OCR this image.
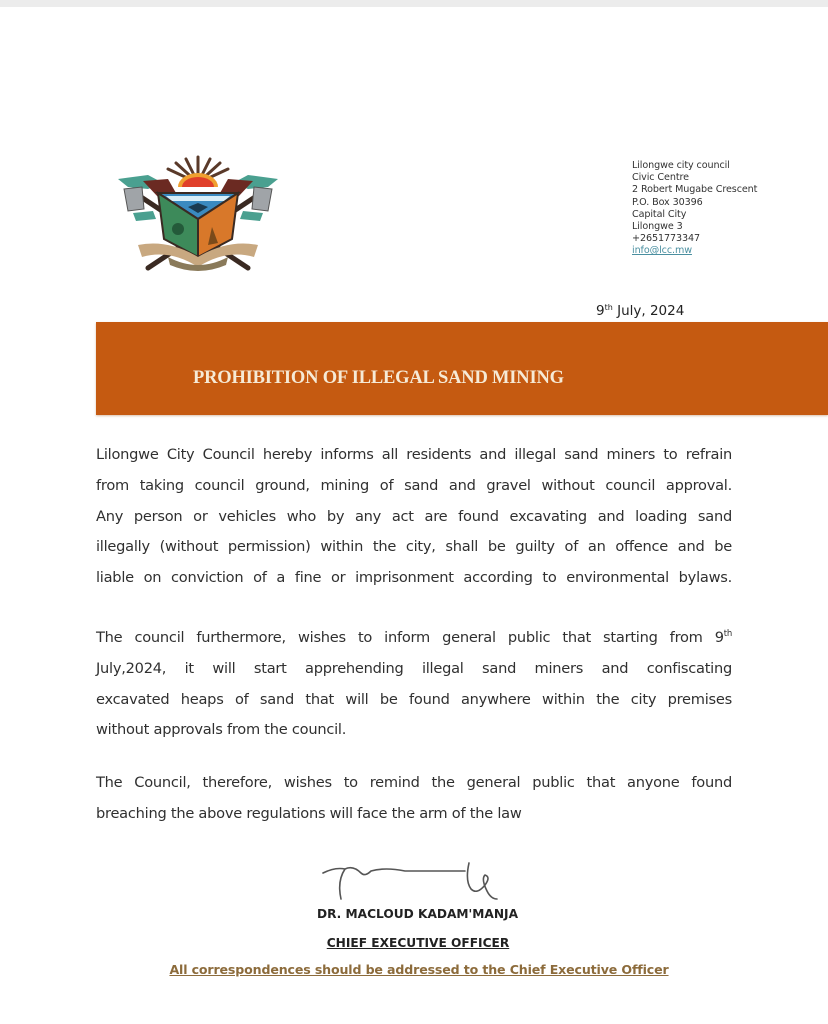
Lilongwe city council
Civic Centre
2 Robert Mugabe Crescent
P.O. Box 30396
Capital City
Lilongwe 3
+2651773347
info@lcc.mw
9th July, 2024
PROHIBITION OF ILLEGAL SAND MINING
Lilongwe City Council hereby informs all residents and illegal sand miners to refrain
from taking council ground, mining of sand and gravel without council approval.
Any person or vehicles who by any act are found excavating and loading sand
illegally (without permission) within the city, shall be guilty of an offence and be
liable on conviction of a fine or imprisonment according to environmental bylaws.
The council furthermore, wishes to inform general public that starting from 9th
July,2024, it will start apprehending illegal sand miners and confiscating
excavated heaps of sand that will be found anywhere within the city premises
without approvals from the council.
The Council, therefore, wishes to remind the general public that anyone found
breaching the above regulations will face the arm of the law
DR. MACLOUD KADAM'MANJA
CHIEF EXECUTIVE OFFICER
All correspondences should be addressed to the Chief Executive Officer
